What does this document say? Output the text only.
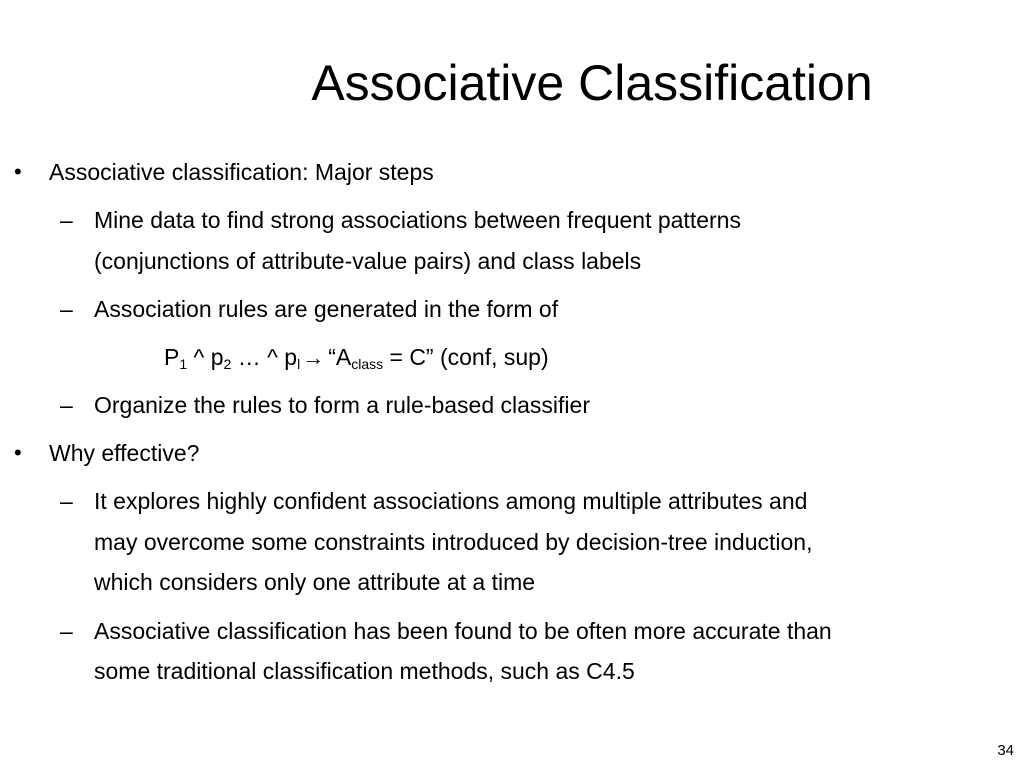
Associative Classification
• Associative classification: Major steps
– Mine data to find strong associations between frequent patterns
(conjunctions of attribute-value pairs) and class labels
– Association rules are generated in the form of
$P_1$ ^ $p_2$ … ^ $p_l\to$ “$A_{class} = C$” (conf, sup)
– Organize the rules to form a rule-based classifier
• Why effective?
– It explores highly confident associations among multiple attributes and
may overcome some constraints introduced by decision-tree induction,
which considers only one attribute at a time
– Associative classification has been found to be often more accurate than
some traditional classification methods, such as C4.5
34
